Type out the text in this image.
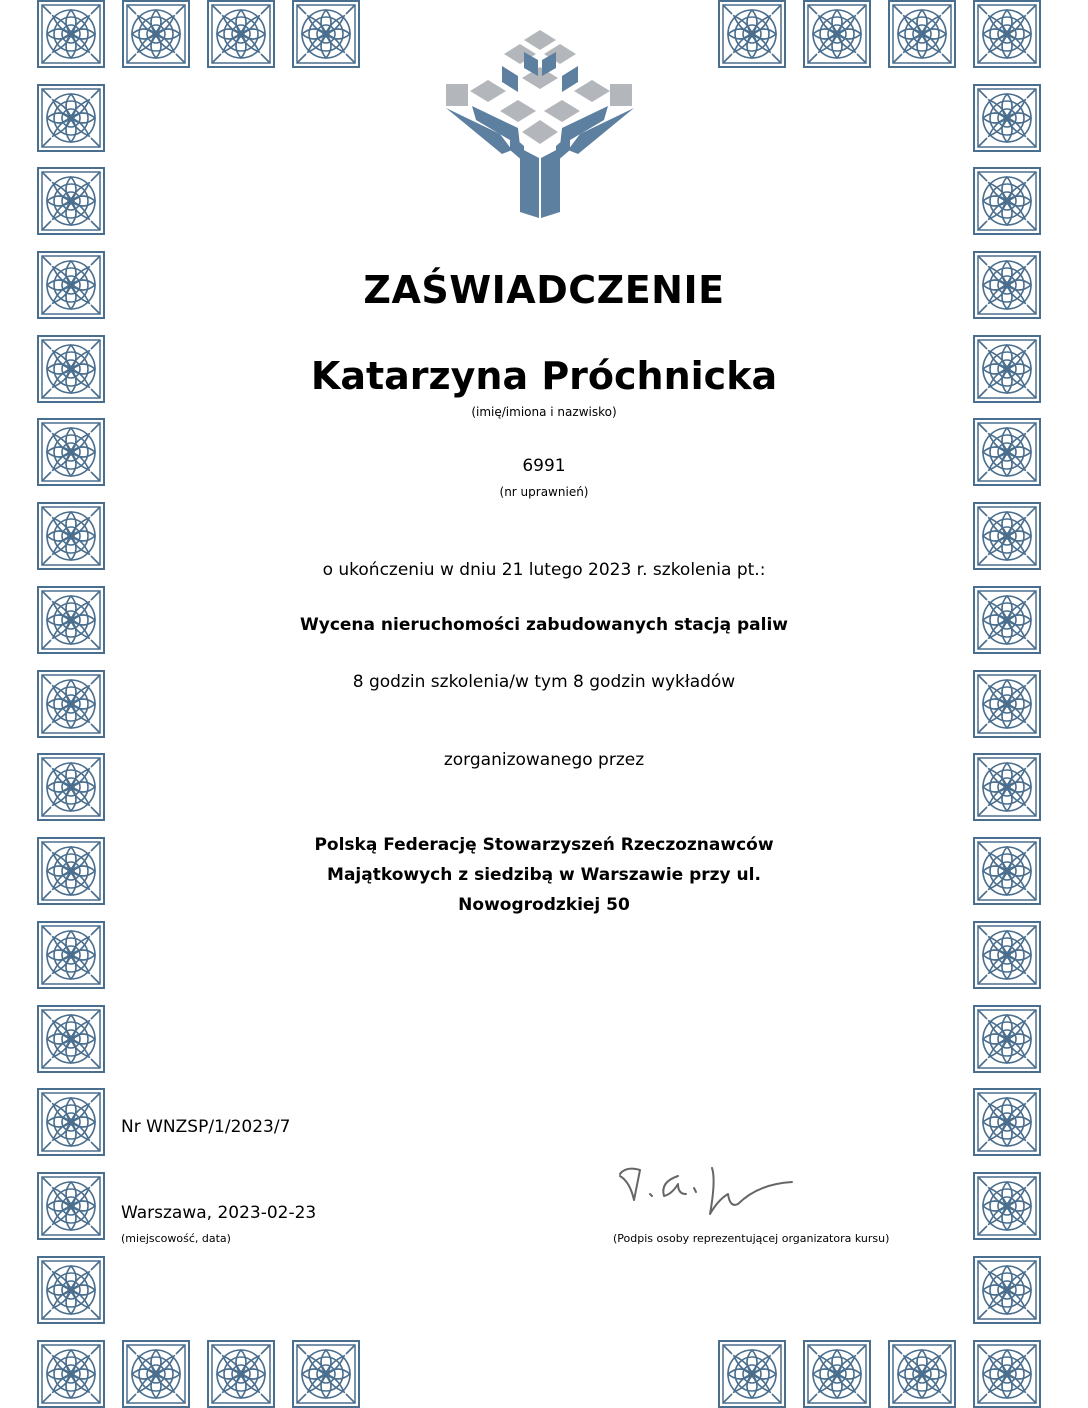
ZAŚWIADCZENIE
Katarzyna Próchnicka
(imię/imiona i nazwisko)
6991
(nr uprawnień)
o ukończeniu w dniu 21 lutego 2023 r. szkolenia pt.:
Wycena nieruchomości zabudowanych stacją paliw
8 godzin szkolenia/w tym 8 godzin wykładów
zorganizowanego przez
Polską Federację Stowarzyszeń Rzeczoznawców
Majątkowych z siedzibą w Warszawie przy ul.
Nowogrodzkiej 50
Nr WNZSP/1/2023/7
Warszawa, 2023-02-23
(miejscowość, data)	(Podpis osoby reprezentującej organizatora kursu)
